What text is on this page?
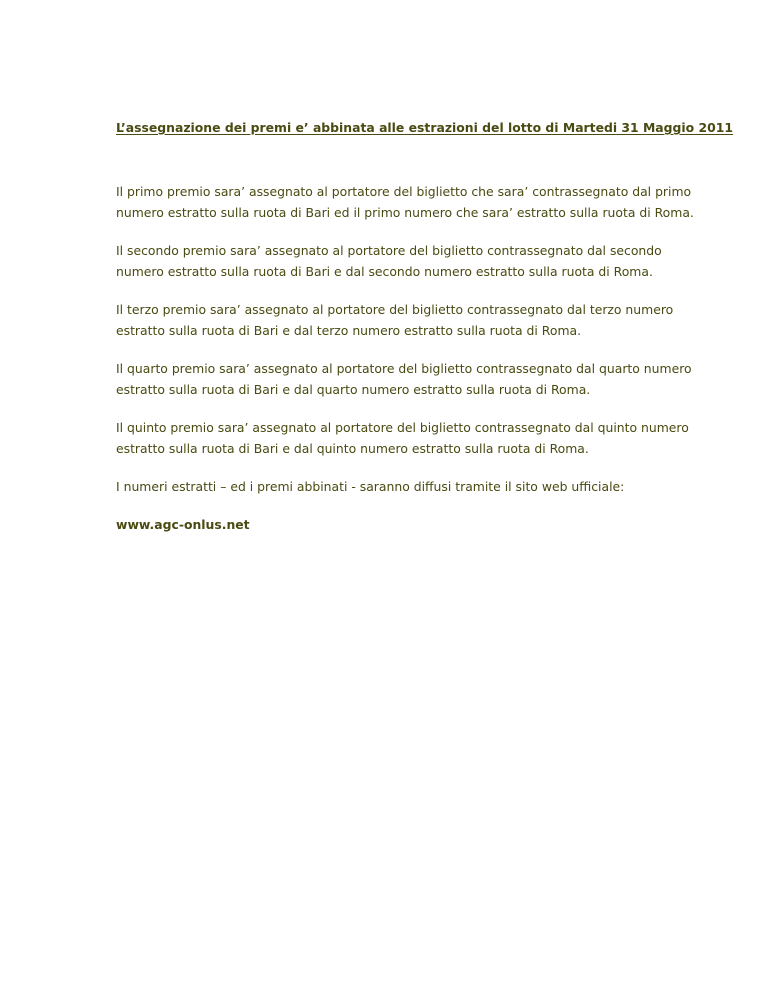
L’assegnazione dei premi e’ abbinata alle estrazioni del lotto di Martedi 31 Maggio 2011

Il primo premio sara’ assegnato al portatore del biglietto che sara’ contrassegnato dal primo numero estratto sulla ruota di Bari ed il primo numero che sara’ estratto sulla ruota di Roma.

Il secondo premio sara’ assegnato al portatore del biglietto contrassegnato dal secondo numero estratto sulla ruota di Bari e dal secondo numero estratto sulla ruota di Roma.

Il terzo premio sara’ assegnato al portatore del biglietto contrassegnato dal terzo numero estratto sulla ruota di Bari e dal terzo numero estratto sulla ruota di Roma.

Il quarto premio sara’ assegnato al portatore del biglietto contrassegnato dal quarto numero estratto sulla ruota di Bari e dal quarto numero estratto sulla ruota di Roma.

Il quinto premio sara’ assegnato al portatore del biglietto contrassegnato dal quinto numero estratto sulla ruota di Bari e dal quinto numero estratto sulla ruota di Roma.

I numeri estratti – ed i premi abbinati - saranno diffusi tramite il sito web ufficiale:

www.agc-onlus.net
